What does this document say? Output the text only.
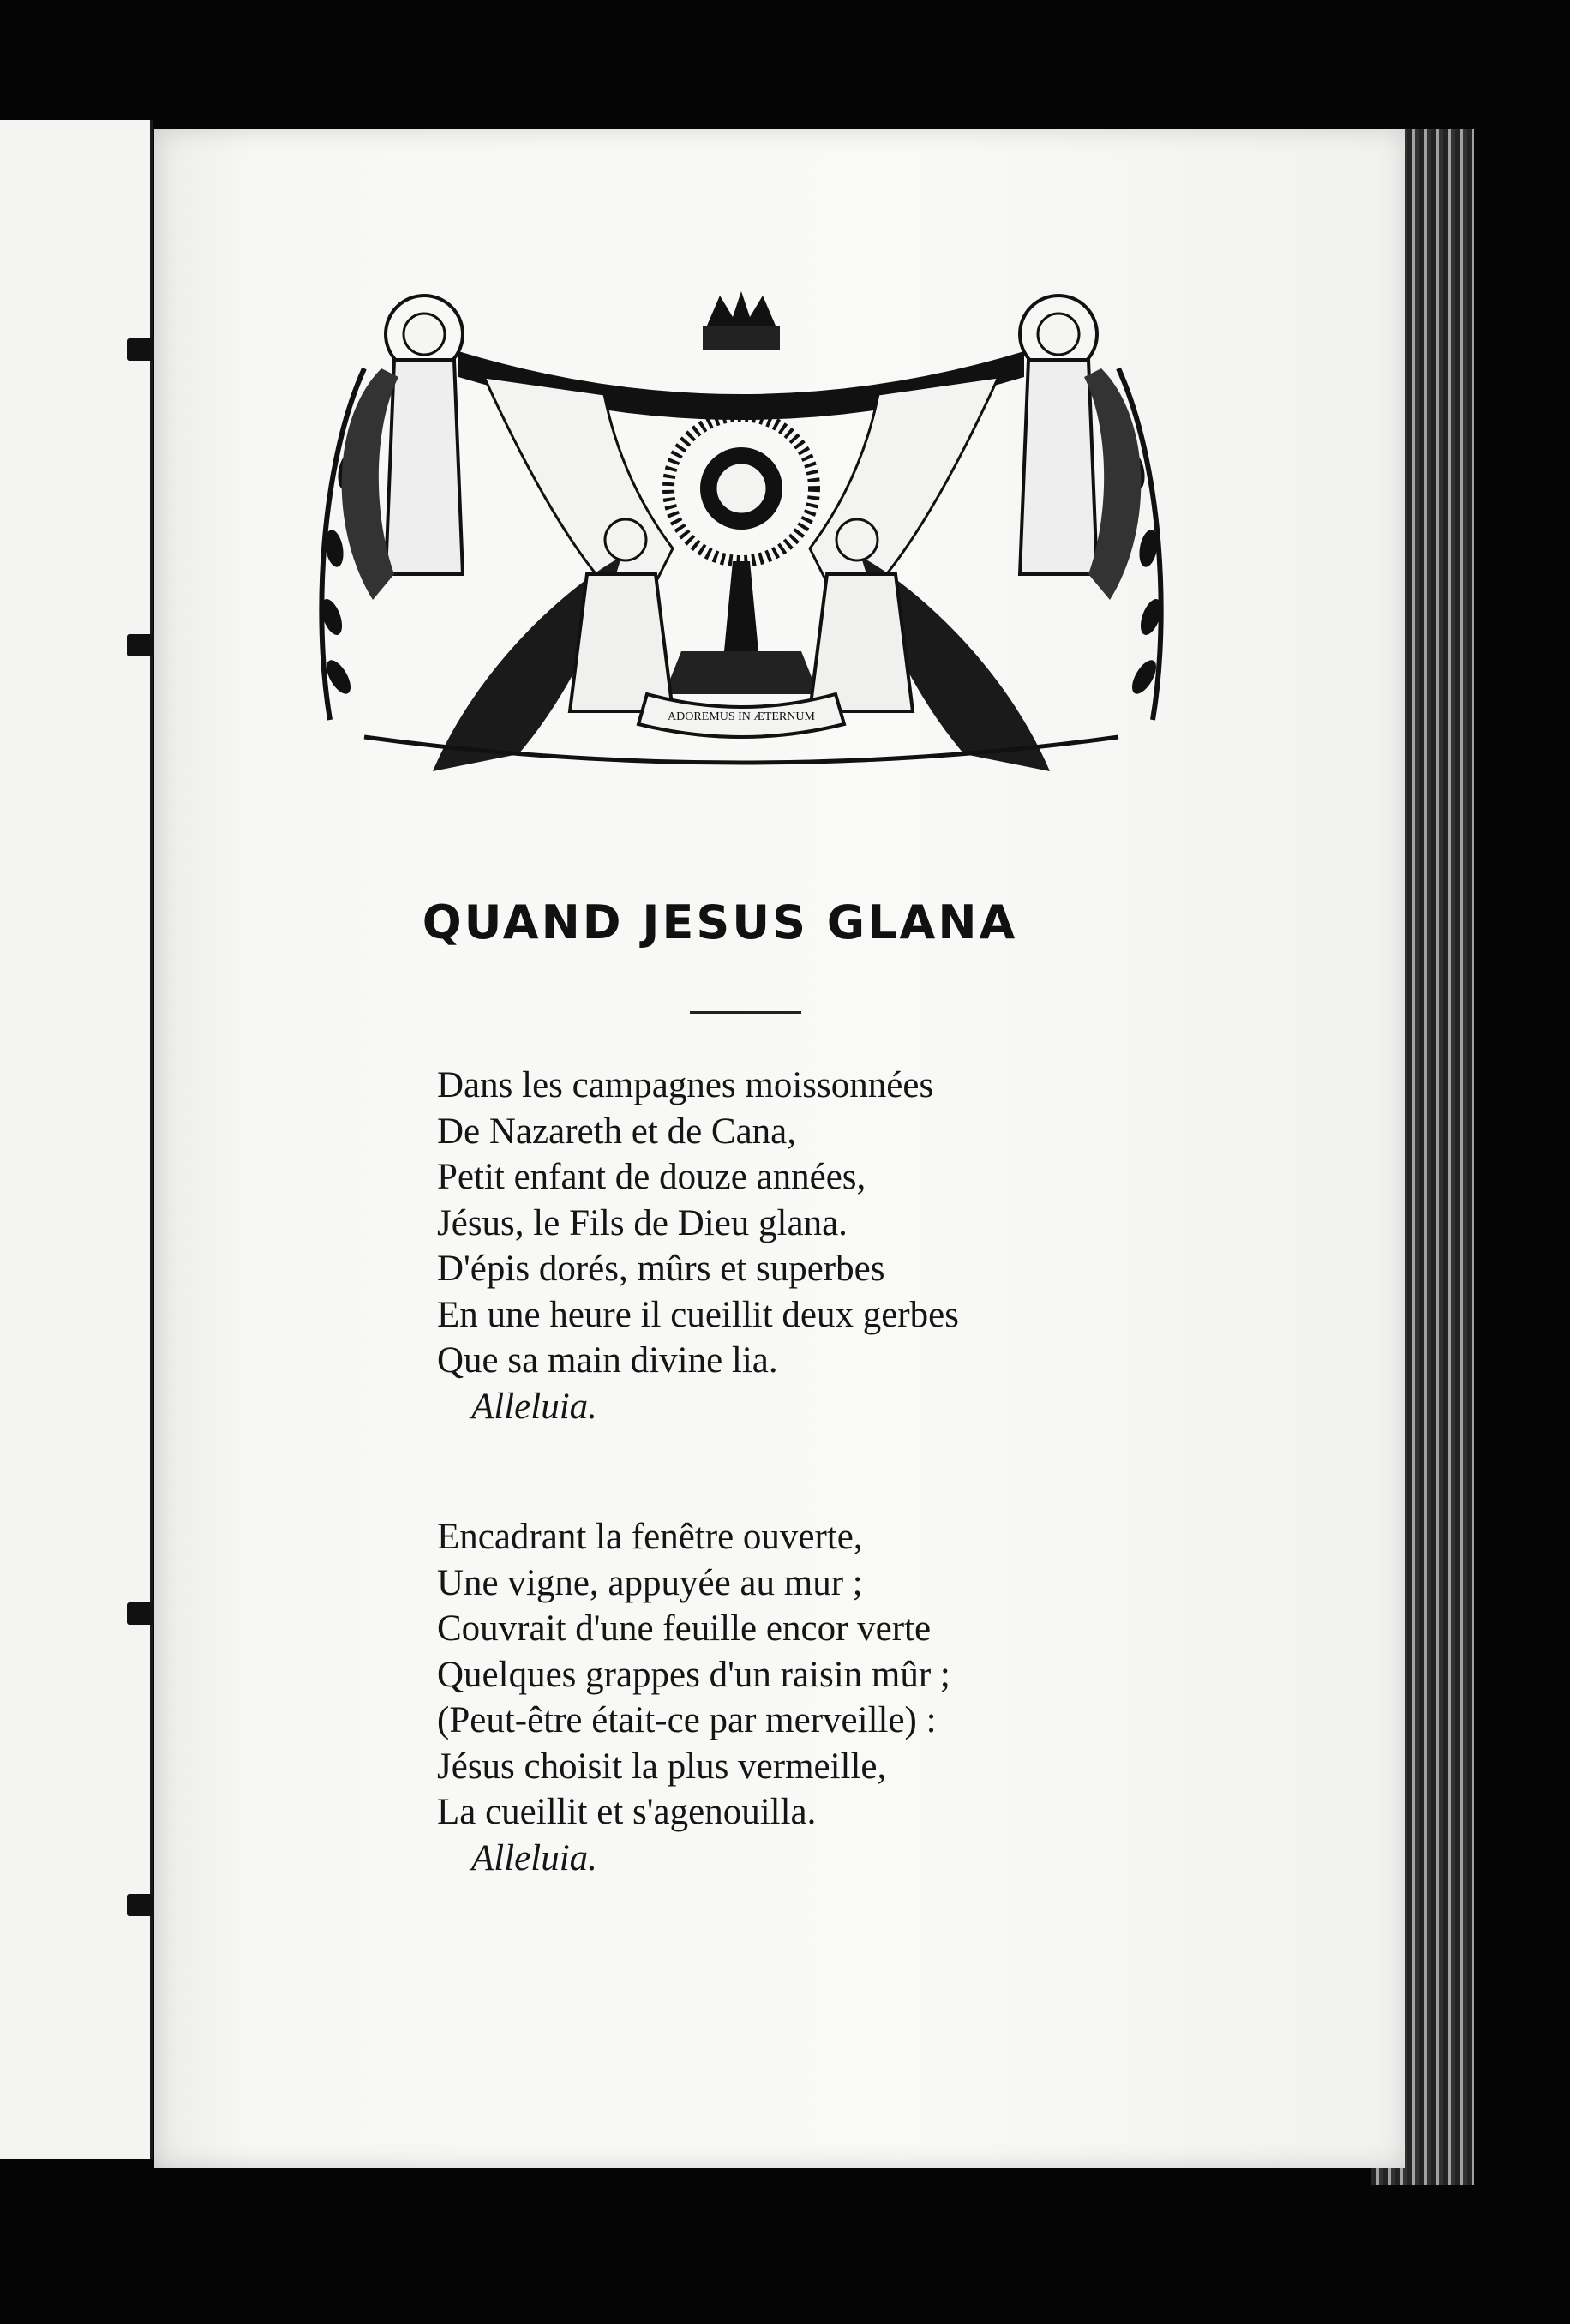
ADOREMUS IN ÆTERNUM
QUAND JESUS GLANA
Dans les campagnes moissonnées
De Nazareth et de Cana,
Petit enfant de douze années,
Jésus, le Fils de Dieu glana.
D'épis dorés, mûrs et superbes
En une heure il cueillit deux gerbes
Que sa main divine lia.
Alleluia.
Encadrant la fenêtre ouverte,
Une vigne, appuyée au mur ;
Couvrait d'une feuille encor verte
Quelques grappes d'un raisin mûr ;
(Peut-être était-ce par merveille) :
Jésus choisit la plus vermeille,
La cueillit et s'agenouilla.
Alleluia.
